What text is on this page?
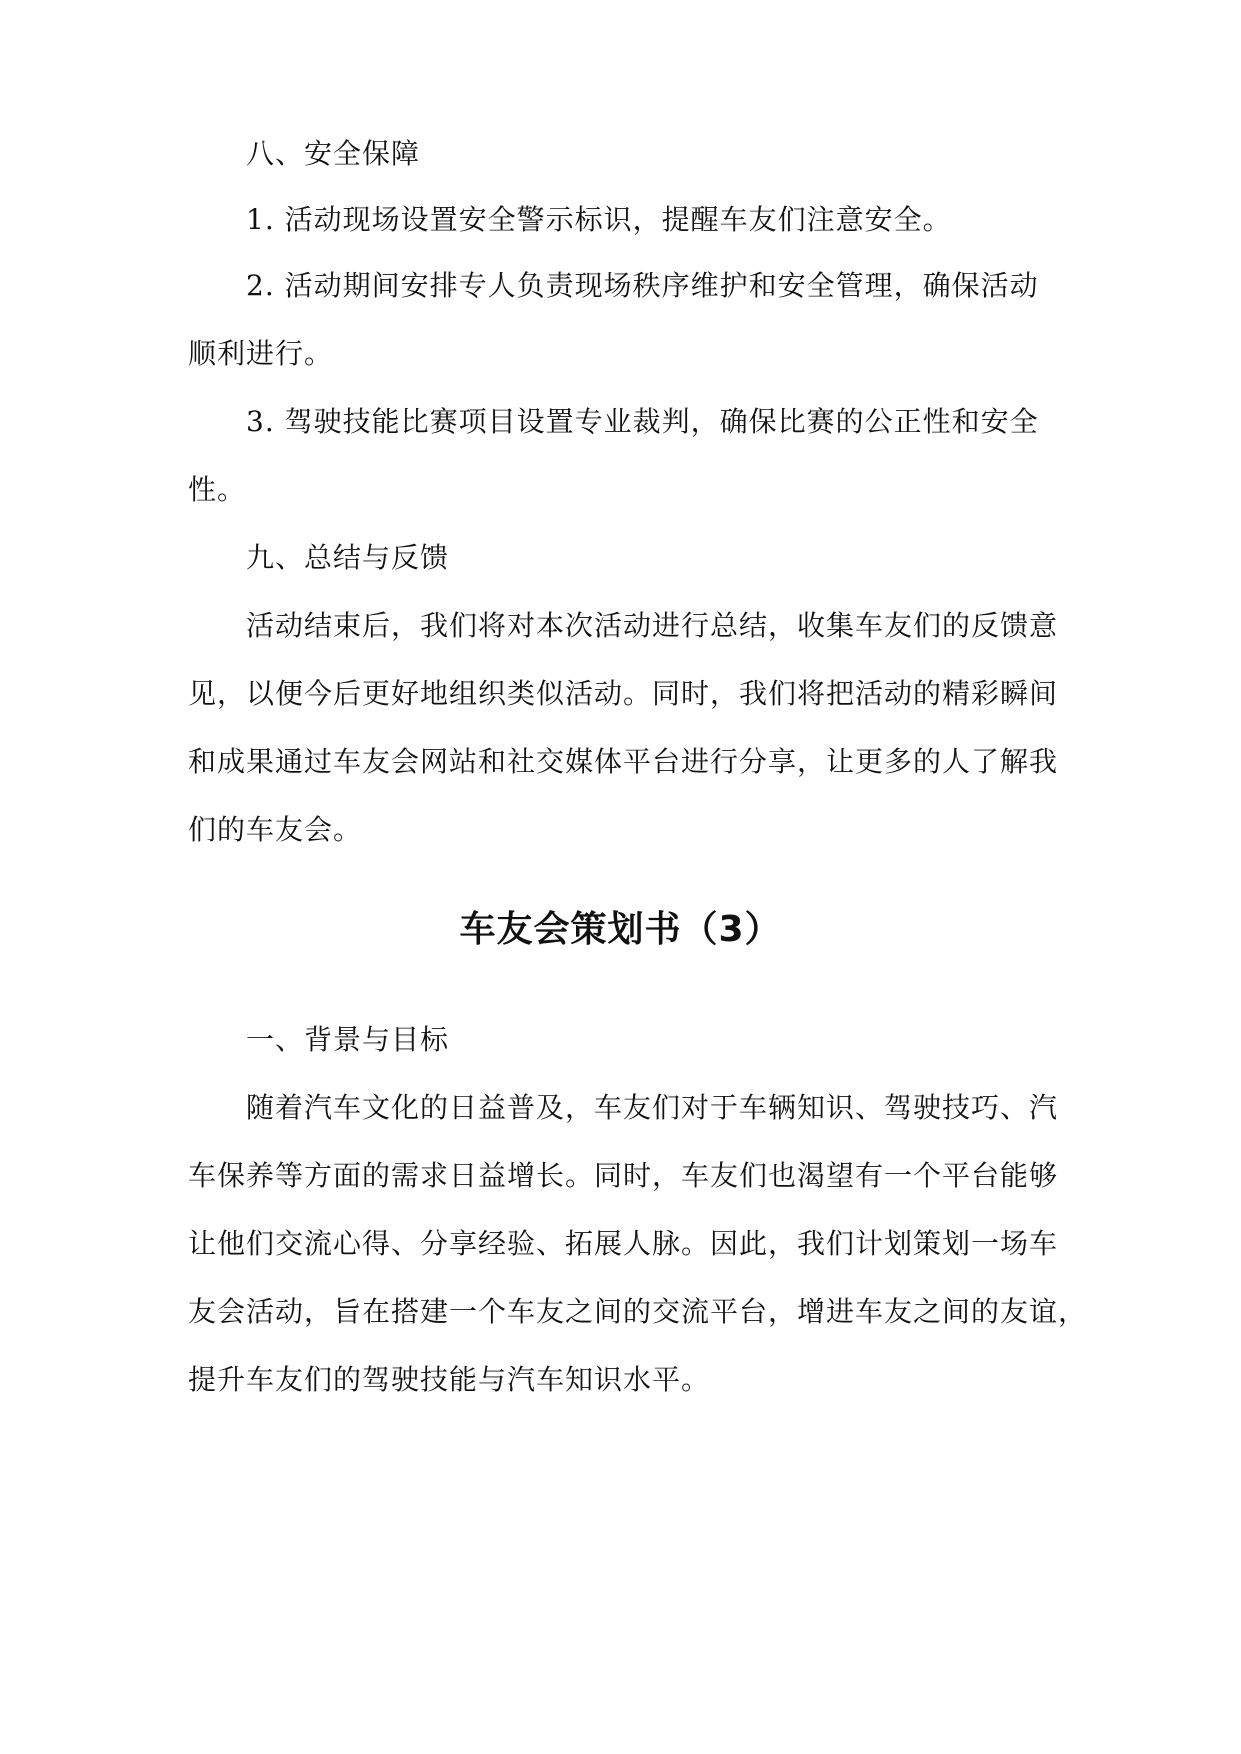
八、安全保障
1. 活动现场设置安全警示标识，提醒车友们注意安全。
2. 活动期间安排专人负责现场秩序维护和安全管理，确保活动
顺利进行。
3. 驾驶技能比赛项目设置专业裁判，确保比赛的公正性和安全
性。
九、总结与反馈
活动结束后，我们将对本次活动进行总结，收集车友们的反馈意
见，以便今后更好地组织类似活动。同时，我们将把活动的精彩瞬间
和成果通过车友会网站和社交媒体平台进行分享，让更多的人了解我
们的车友会。
车友会策划书（3）
一、背景与目标
随着汽车文化的日益普及，车友们对于车辆知识、驾驶技巧、汽
车保养等方面的需求日益增长。同时，车友们也渴望有一个平台能够
让他们交流心得、分享经验、拓展人脉。因此，我们计划策划一场车
友会活动，旨在搭建一个车友之间的交流平台，增进车友之间的友谊，
提升车友们的驾驶技能与汽车知识水平。
